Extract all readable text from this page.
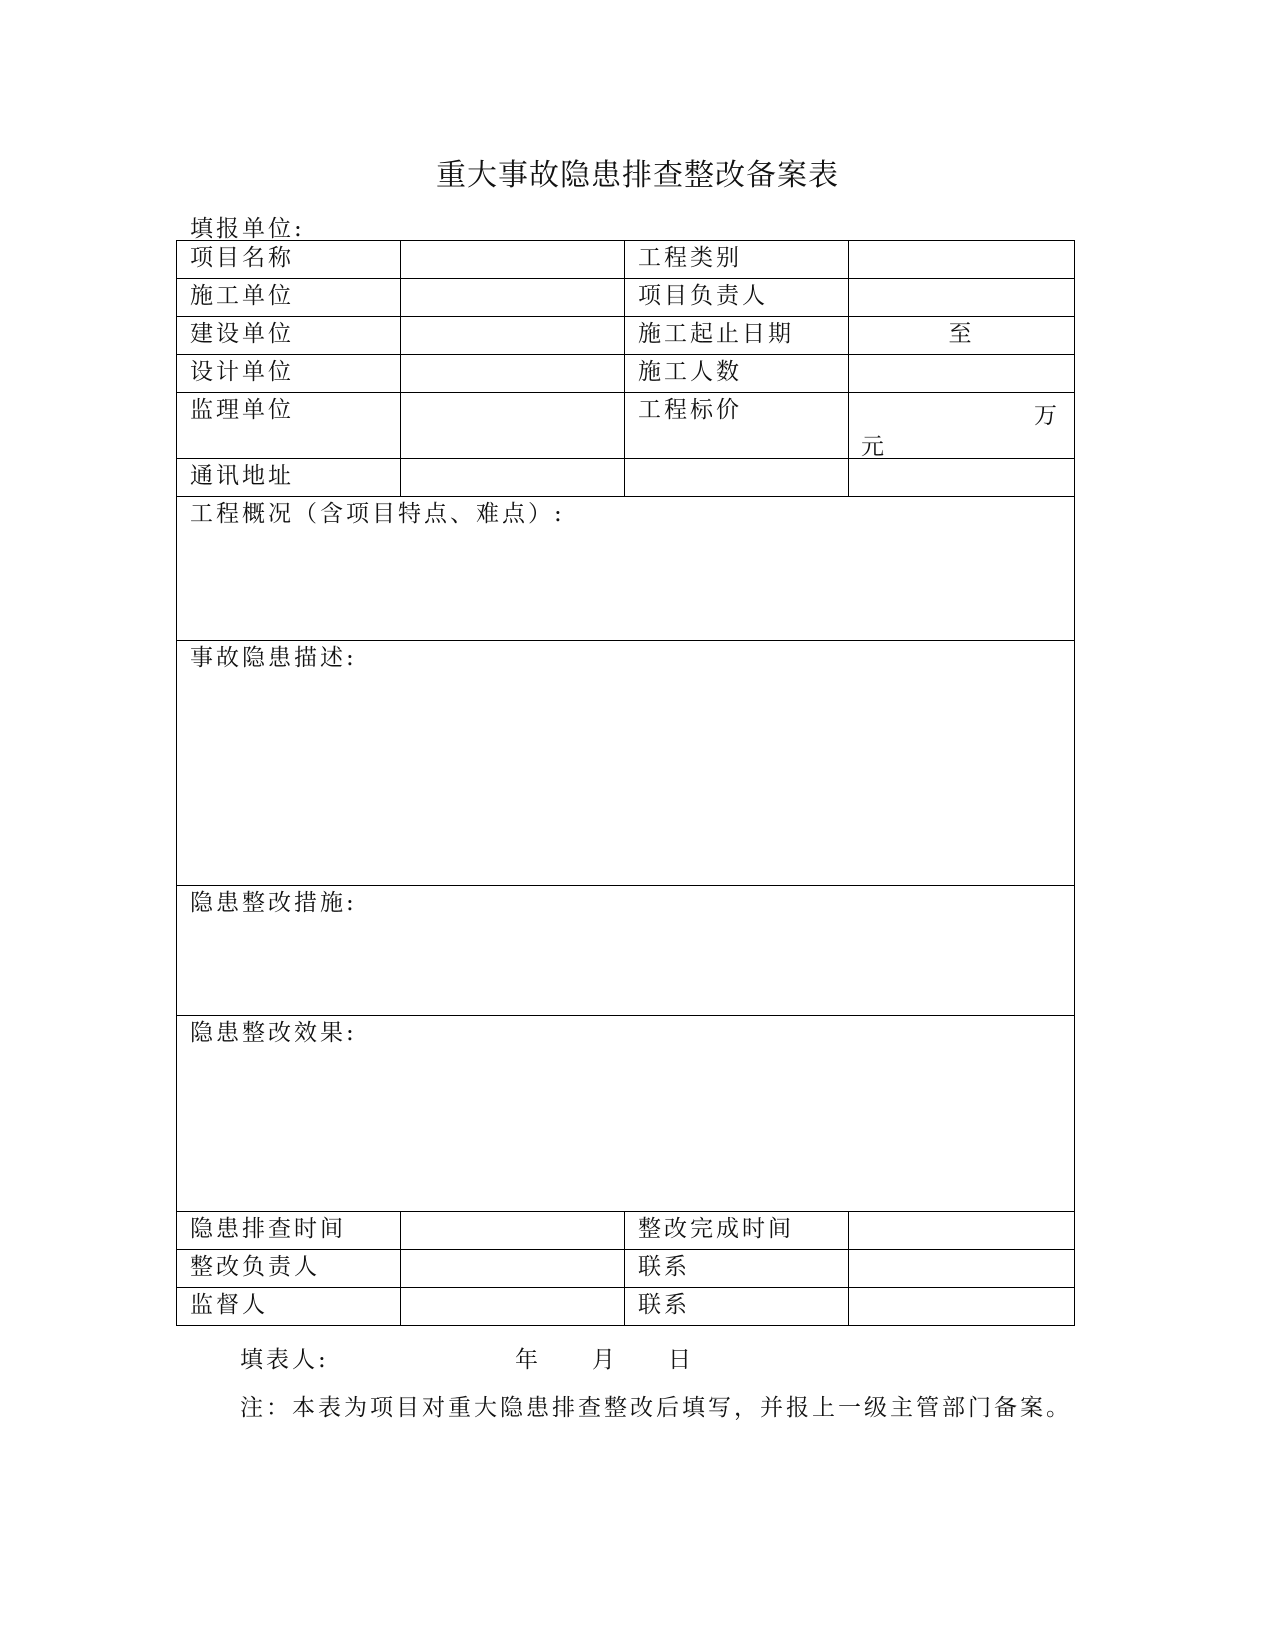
重大事故隐患排查整改备案表
填报单位:
项目名称		工程类别	
施工单位		项目负责人	
建设单位		施工起止日期	至
设计单位		施工人数	
监理单位		工程标价	万
元

通讯地址			
工程概况（含项目特点、难点）:			
事故隐患描述:			
隐患整改措施:			
隐患整改效果:			
隐患排查时间		整改完成时间	
整改负责人		联系	
监督人		联系	
填表人:	年 月 日
注：本表为项目对重大隐患排查整改后填写，并报上一级主管部门备案。
